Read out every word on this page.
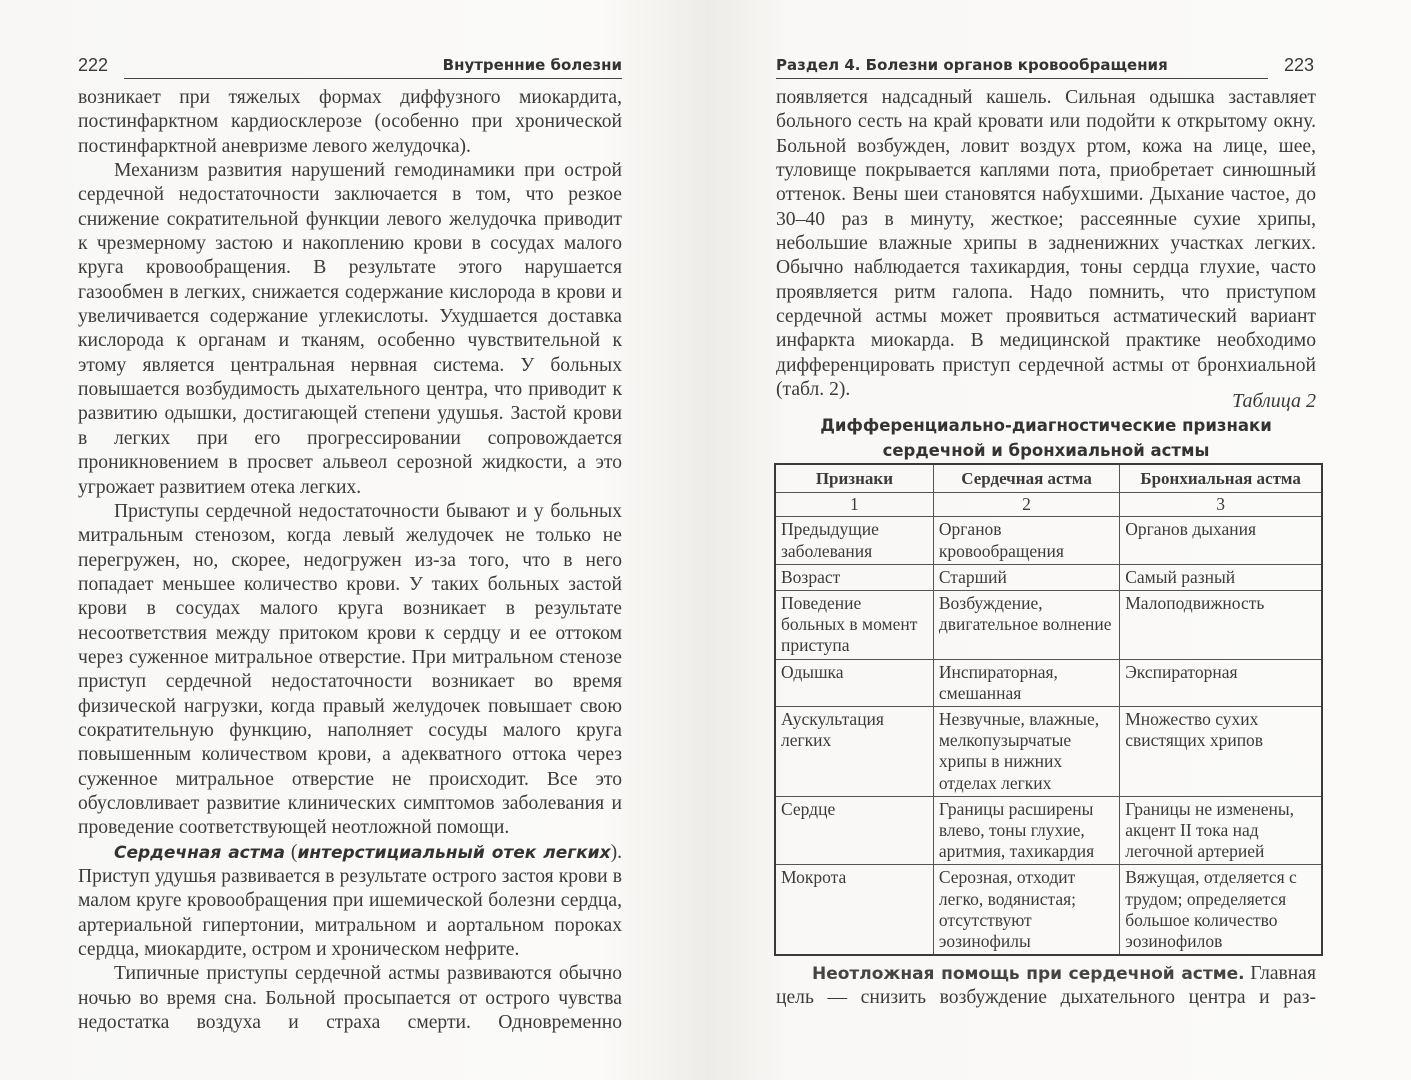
222	Внутренние болезни

возникает при тяжелых формах диффузного миокардита, постинфарктном кардиосклерозе (особенно при хронической постинфарктной аневризме левого желудочка).

Механизм развития нарушений гемодинамики при острой сердечной недостаточности заключается в том, что резкое снижение сократительной функции левого желудочка приводит к чрезмерному застою и накоплению крови в сосудах малого круга кровообращения. В результате этого нарушается газообмен в легких, снижается содержание кислорода в крови и увеличивается содержание углекислоты. Ухудшается доставка кислорода к органам и тканям, особенно чувствительной к этому является центральная нервная система. У больных повышается возбудимость дыхательного центра, что приводит к развитию одышки, достигающей степени удушья. Застой крови в легких при его прогрессировании сопровождается проникновением в просвет альвеол серозной жидкости, а это угрожает развитием отека легких.

Приступы сердечной недостаточности бывают и у больных митральным стенозом, когда левый желудочек не только не перегружен, но, скорее, недогружен из-за того, что в него попадает меньшее количество крови. У таких больных застой крови в сосудах малого круга возникает в результате несоответствия между притоком крови к сердцу и ее оттоком через суженное митральное отверстие. При митральном стенозе приступ сердечной недостаточности возникает во время физической нагрузки, когда правый желудочек повышает свою сократительную функцию, наполняет сосуды малого круга повышенным количеством крови, а адекватного оттока через суженное митральное отверстие не происходит. Все это обусловливает развитие клинических симптомов заболевания и проведение соответствующей неотложной помощи.

Сердечная астма (интерстициальный отек легких). Приступ удушья развивается в результате острого застоя крови в малом круге кровообращения при ишемической болезни сердца, артериальной гипертонии, митральном и аортальном пороках сердца, миокардите, остром и хроническом нефрите.

Типичные приступы сердечной астмы развиваются обычно ночью во время сна. Больной просыпается от острого чувства недостатка воздуха и страха смерти. Одновременно

Раздел 4. Болезни органов кровообращения	223

появляется надсадный кашель. Сильная одышка заставляет больного сесть на край кровати или подойти к открытому окну. Больной возбужден, ловит воздух ртом, кожа на лице, шее, туловище покрывается каплями пота, приобретает синюшный оттенок. Вены шеи становятся набухшими. Дыхание частое, до 30–40 раз в минуту, жесткое; рассеянные сухие хрипы, небольшие влажные хрипы в задненижних участках легких. Обычно наблюдается тахикардия, тоны сердца глухие, часто проявляется ритм галопа. Надо помнить, что приступом сердечной астмы может проявиться астматический вариант инфаркта миокарда. В медицинской практике необходимо дифференцировать приступ сердечной астмы от бронхиальной (табл. 2).

Таблица 2
Дифференциально-диагностические признаки
сердечной и бронхиальной астмы
Признаки	Сердечная астма	Бронхиальная астма
1	2	3
Предыдущие заболевания	Органов кровообращения	Органов дыхания
Возраст	Старший	Самый разный
Поведение больных в момент приступа	Возбуждение, двигательное волнение	Малоподвижность
Одышка	Инспираторная, смешанная	Экспираторная
Аускультация легких	Незвучные, влажные, мелкопузырчатые хрипы в нижних отделах легких	Множество сухих свистящих хрипов
Сердце	Границы расширены влево, тоны глухие, аритмия, тахикардия	Границы не изменены, акцент II тока над легочной артерией
Мокрота	Серозная, отходит легко, водянистая; отсутствуют эозинофилы	Вяжущая, отделяется с трудом; определяется большое количество эозинофилов

Неотложная помощь при сердечной астме. Главная цель — снизить возбуждение дыхательного центра и раз-
